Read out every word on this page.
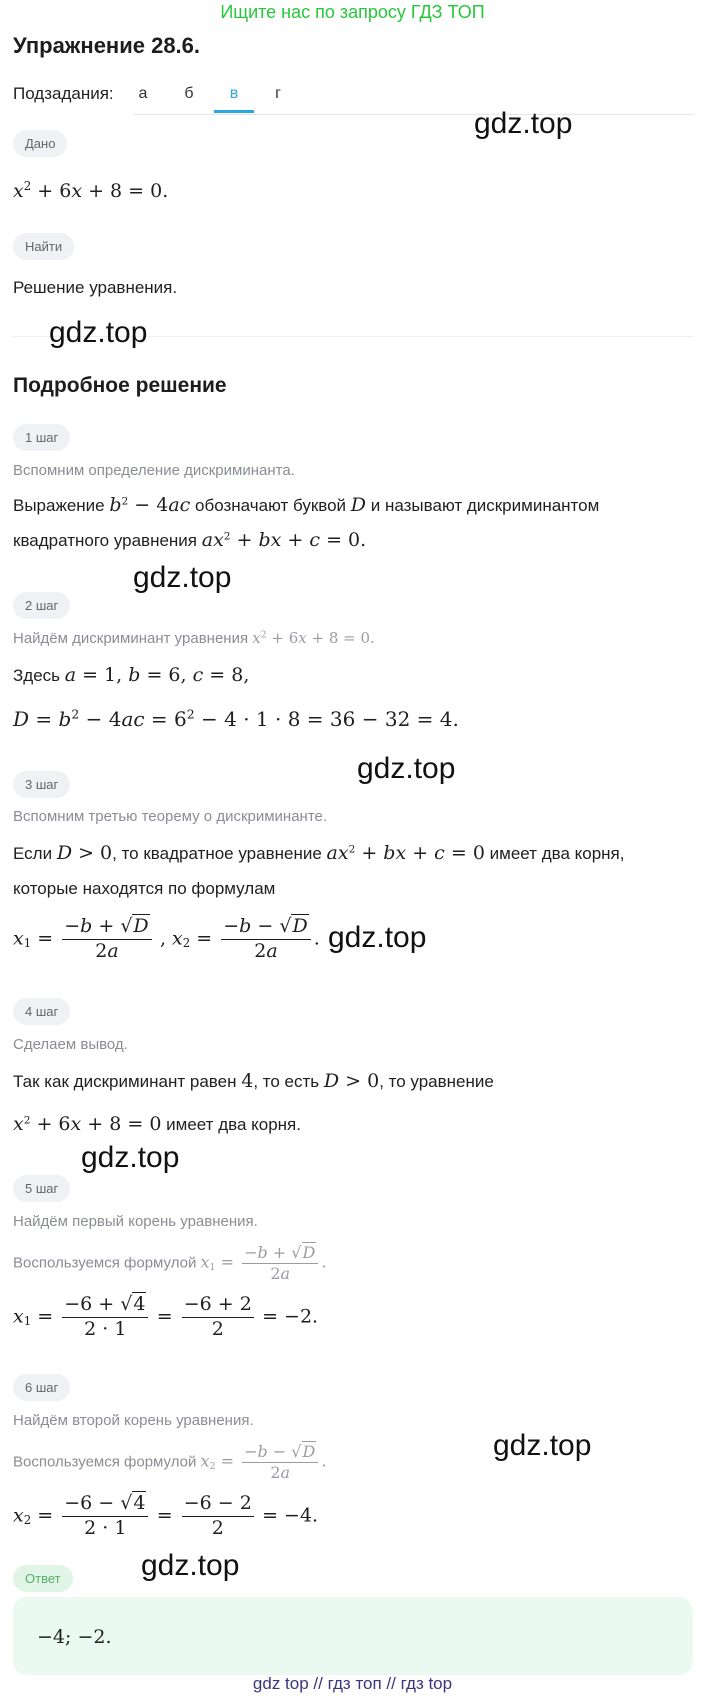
Ищите нас по запросу ГДЗ ТОП
Упражнение 28.6.
Подзадания:	а	б	в	г
Дано
$x^2 + 6x + 8 = 0$.
Найти
Решение уравнения.
Подробное решение
1 шаг
Вспомним определение дискриминанта.
Выражение $b^2 - 4ac$ обозначают буквой D и называют дискриминантом
квадратного уравнения $ax^2$ + bx + c = 0.
2 шаг
Найдём дискриминант уравнения $x^2 + 6x + 8 = 0$.
Здесь a = 1, b = 6, c = 8,
$D = b^2 - 4ac = 6^2 - 4 \cdot 1 \cdot 8 = 36 - 32 = 4$.
3 шаг
Вспомним третью теорему о дискриминанте.
Если D > 0, то квадратное уравнение $ax^2$ + bx + c = 0 имеет два корня,
которые находятся по формулам
$x_1 = \frac{-b + √D}{2a}$ , $x_2 = \frac{-b - √D}{2a}$ .
4 шаг
Сделаем вывод.
Так как дискриминант равен 4, то есть D > 0, то уравнение
$x^2 + 6x + 8 = 0$ имеет два корня.
5 шаг
Найдём первый корень уравнения.
Воспользуемся формулой $x_1 = \frac{-b + √D}{2a}$ .
$x_1 = \frac{-6 + √4}{2 \cdot 1} = \frac{-6 + 2}{2} = -2$.
6 шаг
Найдём второй корень уравнения.
Воспользуемся формулой $x_2 = \frac{-b - √D}{2a}$ .
$x_2 = \frac{-6 - √4}{2 \cdot 1} = \frac{-6 - 2}{2} = -4$.
Ответ
−4; −2.
gdz.top
gdz.top
gdz.top
gdz.top
gdz.top
gdz.top
gdz.top
gdz.top
gdz top // гдз топ // гдз top
